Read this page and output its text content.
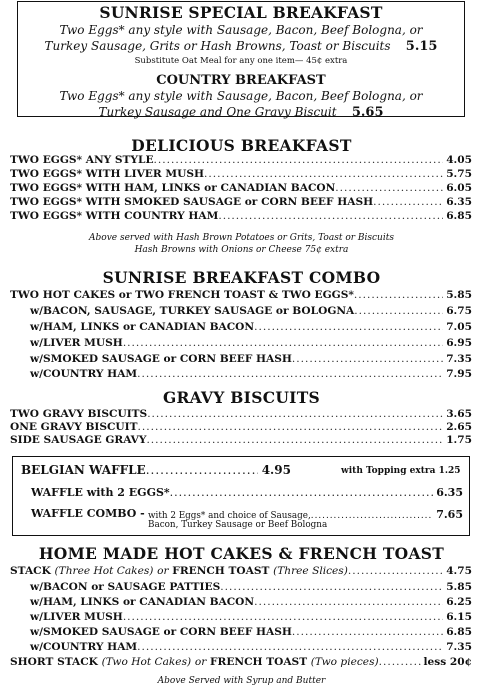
SUNRISE SPECIAL BREAKFAST
Two Eggs* any style with Sausage, Bacon, Beef Bologna, or
Turkey Sausage, Grits or Hash Browns, Toast or Biscuits 5.15
Substitute Oat Meal for any one item— 45¢ extra
COUNTRY BREAKFAST
Two Eggs* any style with Sausage, Bacon, Beef Bologna, or
Turkey Sausage and One Gravy Biscuit 5.65
DELICIOUS BREAKFAST
TWO EGGS* ANY STYLE .....	4.05
TWO EGGS* WITH LIVER MUSH .....	5.75
TWO EGGS* WITH HAM, LINKS or CANADIAN BACON .....	6.05
TWO EGGS* WITH SMOKED SAUSAGE or CORN BEEF HASH .....	6.35
TWO EGGS* WITH COUNTRY HAM .....	6.85
Above served with Hash Brown Potatoes or Grits, Toast or Biscuits
Hash Browns with Onions or Cheese 75¢ extra
SUNRISE BREAKFAST COMBO
TWO HOT CAKES or TWO FRENCH TOAST & TWO EGGS* .....	5.85
w/BACON, SAUSAGE, TURKEY SAUSAGE or BOLOGNA .....	6.75
w/HAM, LINKS or CANADIAN BACON .....	7.05
w/LIVER MUSH .....	6.95
w/SMOKED SAUSAGE or CORN BEEF HASH .....	7.35
w/COUNTRY HAM .....	7.95
GRAVY BISCUITS
TWO GRAVY BISCUITS .....	3.65
ONE GRAVY BISCUIT .....	2.65
SIDE SAUSAGE GRAVY .....	1.75
BELGIAN WAFFLE .....	4.95	with Topping extra 1.25
WAFFLE with 2 EGGS* .....	6.35
WAFFLE COMBO - with 2 Eggs* and choice of Sausage, .....	7.65
Bacon, Turkey Sausage or Beef Bologna
HOME MADE HOT CAKES & FRENCH TOAST
STACK (Three Hot Cakes) or FRENCH TOAST (Three Slices) .....	4.75
w/BACON or SAUSAGE PATTIES .....	5.85
w/HAM, LINKS or CANADIAN BACON .....	6.25
w/LIVER MUSH .....	6.15
w/SMOKED SAUSAGE or CORN BEEF HASH .....	6.85
w/COUNTRY HAM .....	7.35
SHORT STACK (Two Hot Cakes) or FRENCH TOAST (Two pieces) .....	less 20¢
Above Served with Syrup and Butter
